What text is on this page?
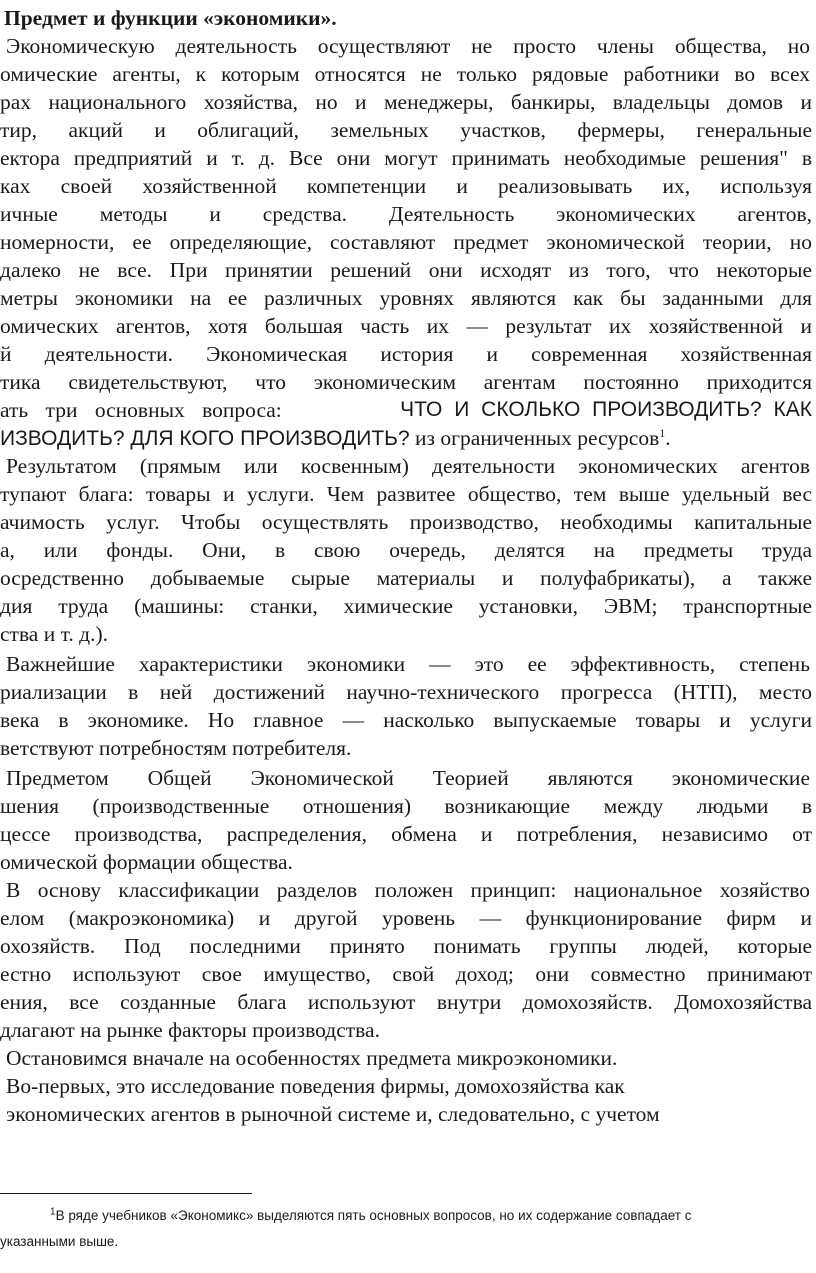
Предмет и функции «экономики».
Экономическую деятельность осуществляют не просто члены общества, но
омические агенты, к которым относятся не только рядовые работники во всех
рах национального хозяйства, но и менеджеры, банкиры, владельцы домов и
тир, акций и облигаций, земельных участков, фермеры, генеральные
ектора предприятий и т. д. Все они могут принимать необходимые решения" в
ках своей хозяйственной компетенции и реализовывать их, используя
ичные методы и средства. Деятельность экономических агентов,
номерности, ее определяющие, составляют предмет экономической теории, но
далеко не все. При принятии решений они исходят из того, что некоторые
метры экономики на ее различных уровнях являются как бы заданными для
омических агентов, хотя большая часть их — результат их хозяйственной и
й деятельности. Экономическая история и современная хозяйственная
тика свидетельствуют, что экономическим агентам постоянно приходится
ать три основных вопроса:	ЧТО И СКОЛЬКО ПРОИЗВОДИТЬ? КАК
ИЗВОДИТЬ? ДЛЯ КОГО ПРОИЗВОДИТЬ? из ограниченных ресурсов$^1$.
Результатом (прямым или косвенным) деятельности экономических агентов
тупают блага: товары и услуги. Чем развитее общество, тем выше удельный вес
ачимость услуг. Чтобы осуществлять производство, необходимы капитальные
а, или фонды. Они, в свою очередь, делятся на предметы труда
осредственно добываемые сырые материалы и полуфабрикаты), а также
дия труда (машины: станки, химические установки, ЭВМ; транспортные
ства и т. д.).
Важнейшие характеристики экономики — это ее эффективность, степень
риализации в ней достижений научно-технического прогресса (НТП), место
века в экономике. Но главное — насколько выпускаемые товары и услуги
ветствуют потребностям потребителя.
Предметом Общей Экономической Теорией являются экономические
шения (производственные отношения) возникающие между людьми в
цессе производства, распределения, обмена и потребления, независимо от
омической формации общества.
В основу классификации разделов положен принцип: национальное хозяйство
елом (макроэкономика) и другой уровень — функционирование фирм и
охозяйств. Под последними принято понимать группы людей, которые
естно используют свое имущество, свой доход; они совместно принимают
ения, все созданные блага используют внутри домохозяйств. Домохозяйства
длагают на рынке факторы производства.
Остановимся вначале на особенностях предмета микроэкономики.
Во-первых, это исследование поведения фирмы, домохозяйства как
экономических агентов в рыночной системе и, следовательно, с учетом
$^1$В ряде учебников «Экономикс» выделяются пять основных вопросов, но их содержание совпадает с
указанными выше.
